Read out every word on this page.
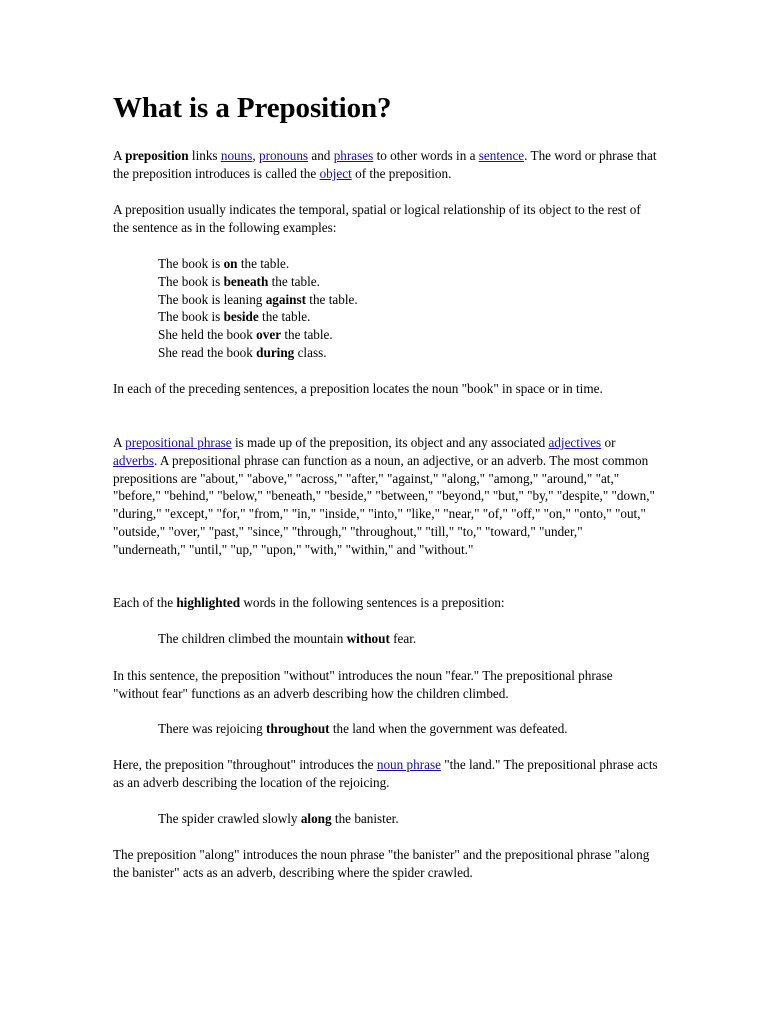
What is a Preposition?

A preposition links nouns, pronouns and phrases to other words in a sentence. The word or phrase that the preposition introduces is called the object of the preposition.

A preposition usually indicates the temporal, spatial or logical relationship of its object to the rest of the sentence as in the following examples:

The book is on the table.
The book is beneath the table.
The book is leaning against the table.
The book is beside the table.
She held the book over the table.
She read the book during class.

In each of the preceding sentences, a preposition locates the noun "book" in space or in time.

A prepositional phrase is made up of the preposition, its object and any associated adjectives or adverbs. A prepositional phrase can function as a noun, an adjective, or an adverb. The most common prepositions are "about," "above," "across," "after," "against," "along," "among," "around," "at," "before," "behind," "below," "beneath," "beside," "between," "beyond," "but," "by," "despite," "down," "during," "except," "for," "from," "in," "inside," "into," "like," "near," "of," "off," "on," "onto," "out," "outside," "over," "past," "since," "through," "throughout," "till," "to," "toward," "under," "underneath," "until," "up," "upon," "with," "within," and "without."

Each of the highlighted words in the following sentences is a preposition:

The children climbed the mountain without fear.

In this sentence, the preposition "without" introduces the noun "fear." The prepositional phrase "without fear" functions as an adverb describing how the children climbed.

There was rejoicing throughout the land when the government was defeated.

Here, the preposition "throughout" introduces the noun phrase "the land." The prepositional phrase acts as an adverb describing the location of the rejoicing.

The spider crawled slowly along the banister.

The preposition "along" introduces the noun phrase "the banister" and the prepositional phrase "along the banister" acts as an adverb, describing where the spider crawled.
